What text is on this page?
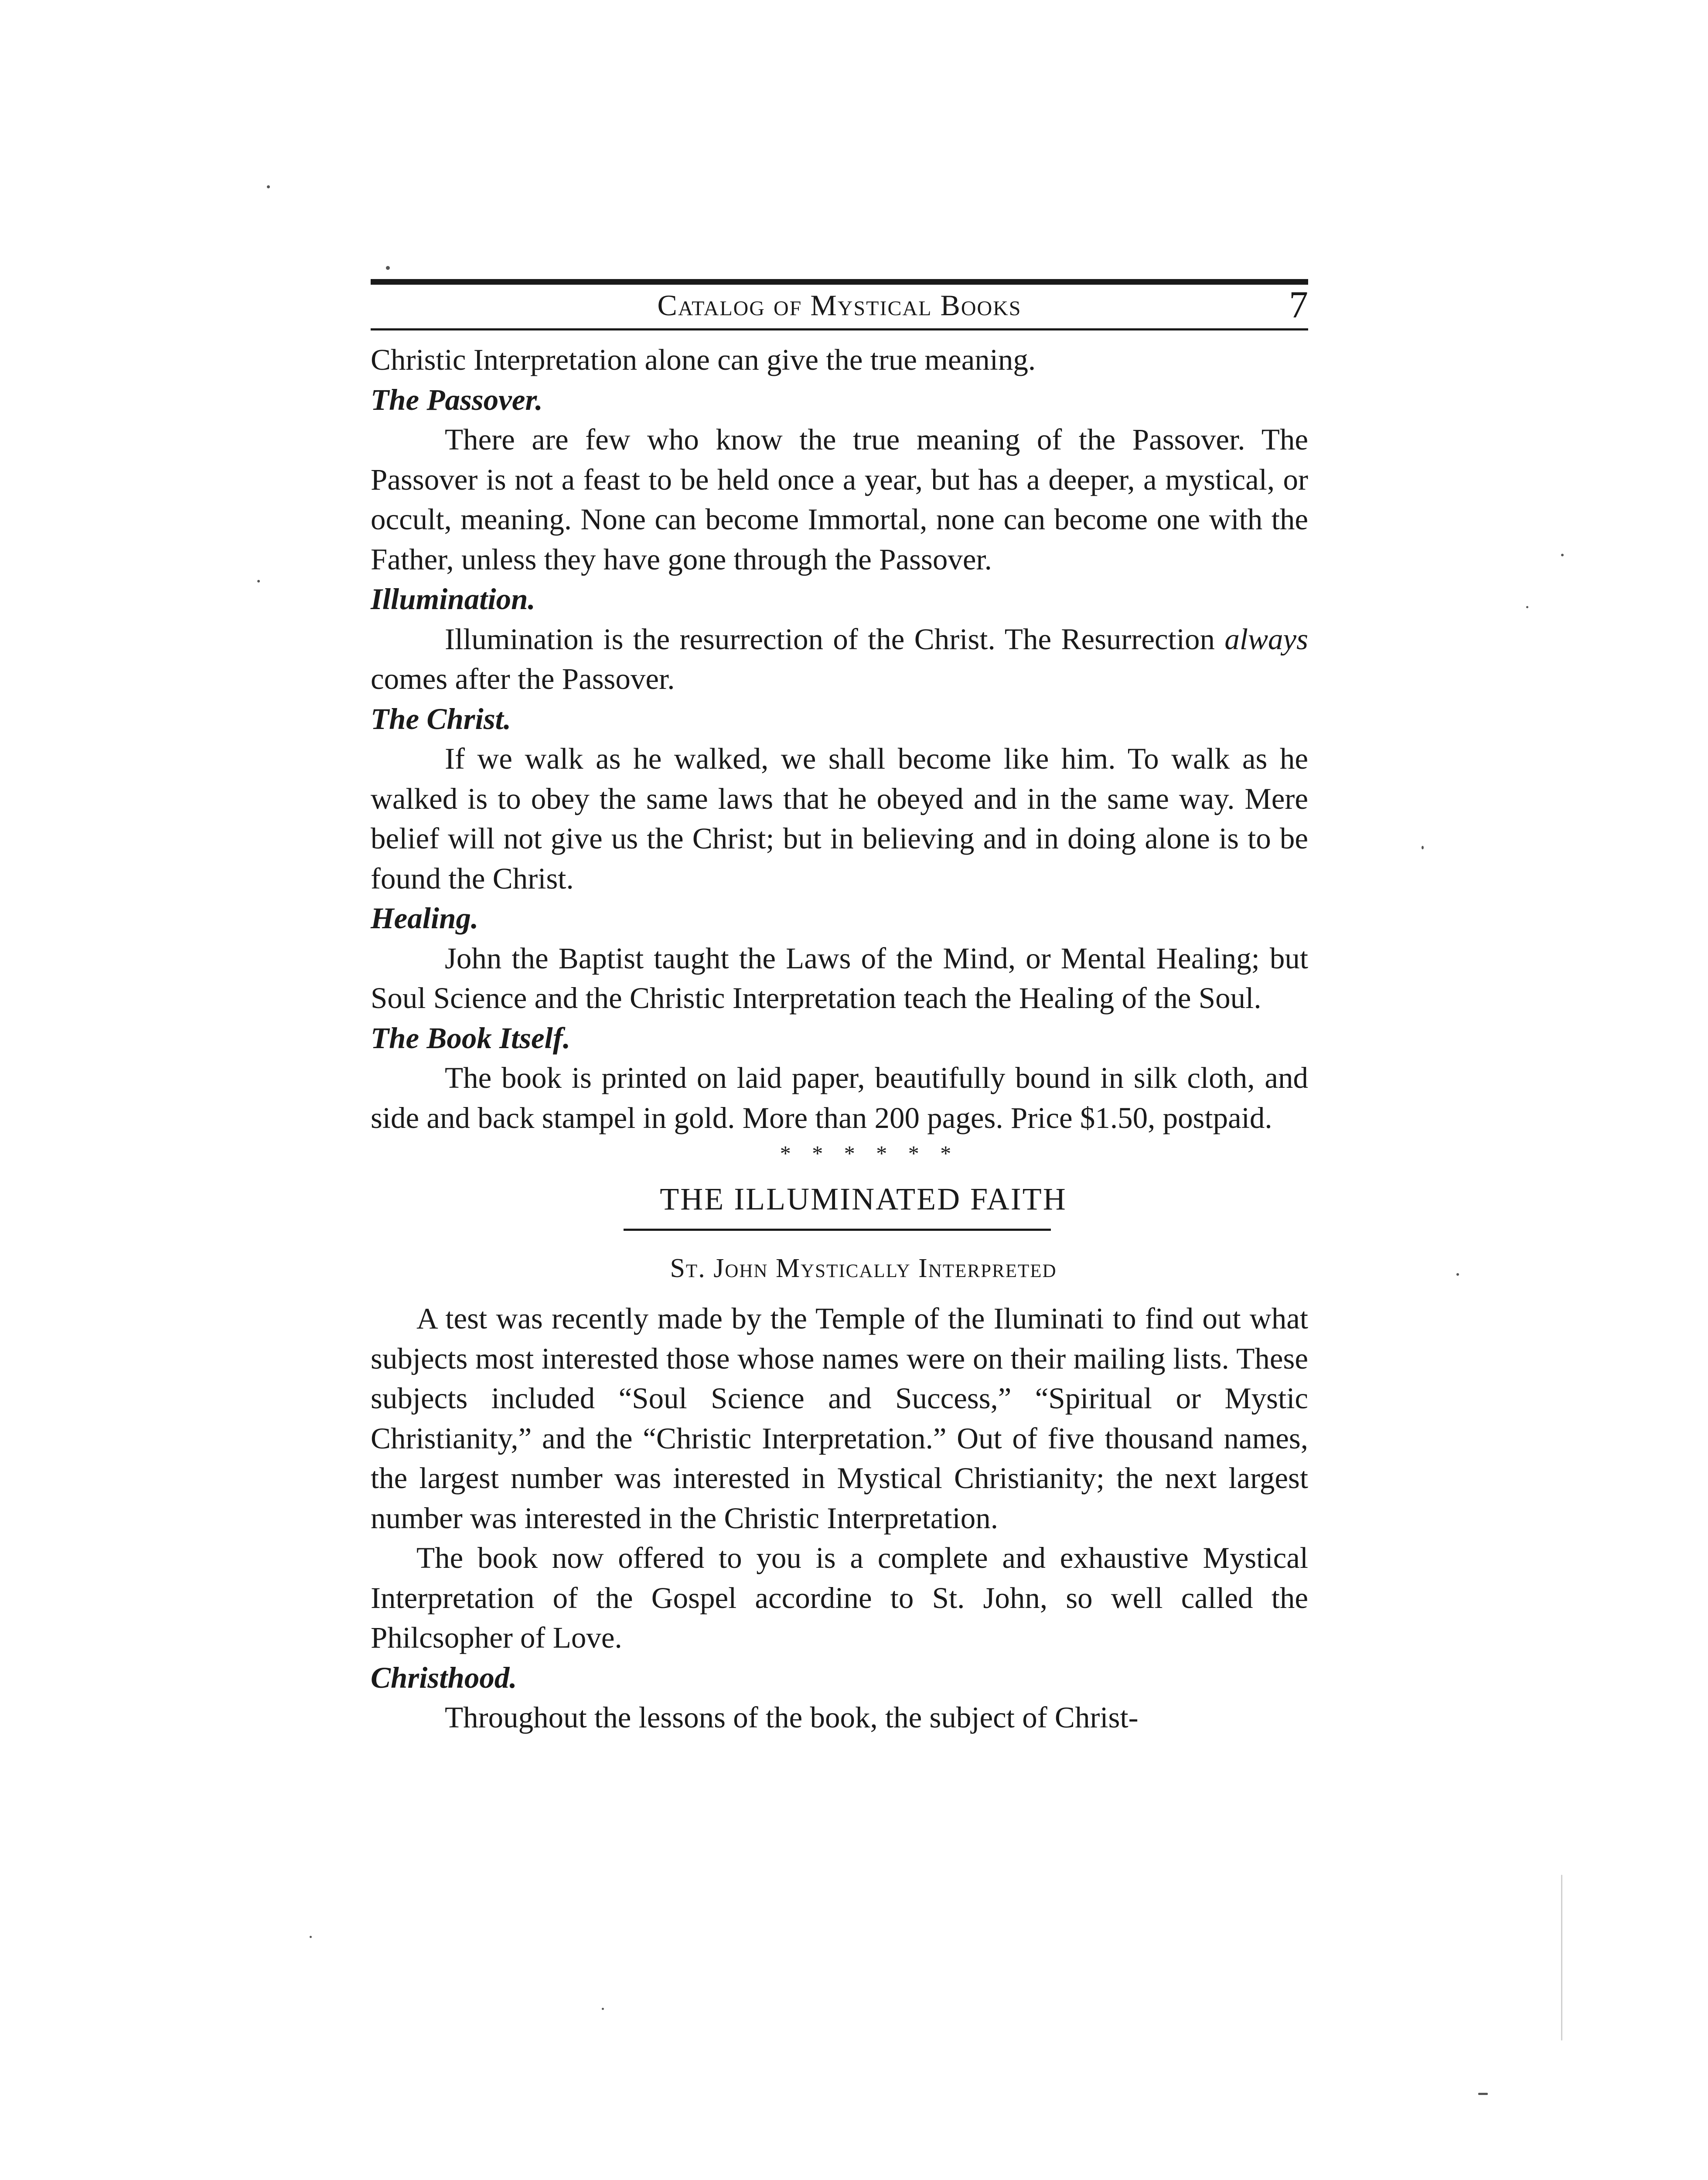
Catalog of Mystical Books	7

Christic Interpretation alone can give the true meaning.

The Passover.

There are few who know the true meaning of the Passover. The Passover is not a feast to be held once a year, but has a deeper, a mystical, or occult, meaning. None can become Immortal, none can become one with the Father, unless they have gone through the Passover.

Illumination.

Illumination is the resurrection of the Christ. The Resurrection always comes after the Passover.

The Christ.

If we walk as he walked, we shall become like him. To walk as he walked is to obey the same laws that he obeyed and in the same way. Mere belief will not give us the Christ; but in believing and in doing alone is to be found the Christ.

Healing.

John the Baptist taught the Laws of the Mind, or Mental Healing; but Soul Science and the Christic Interpretation teach the Healing of the Soul.

The Book Itself.

The book is printed on laid paper, beautifully bound in silk cloth, and side and back stampel in gold. More than 200 pages. Price $1.50, postpaid.

* * * * * *
THE ILLUMINATED FAITH
St. John Mystically Interpreted

A test was recently made by the Temple of the Iluminati to find out what subjects most interested those whose names were on their mailing lists. These subjects included “Soul Science and Success,” “Spiritual or Mystic Christianity,” and the “Christic Interpretation.” Out of five thousand names, the largest number was interested in Mystical Christianity; the next largest number was interested in the Christic Interpretation.

The book now offered to you is a complete and exhaustive Mystical Interpretation of the Gospel accordine to St. John, so well called the Philcsopher of Love.

Christhood.

Throughout the lessons of the book, the subject of Christ-
